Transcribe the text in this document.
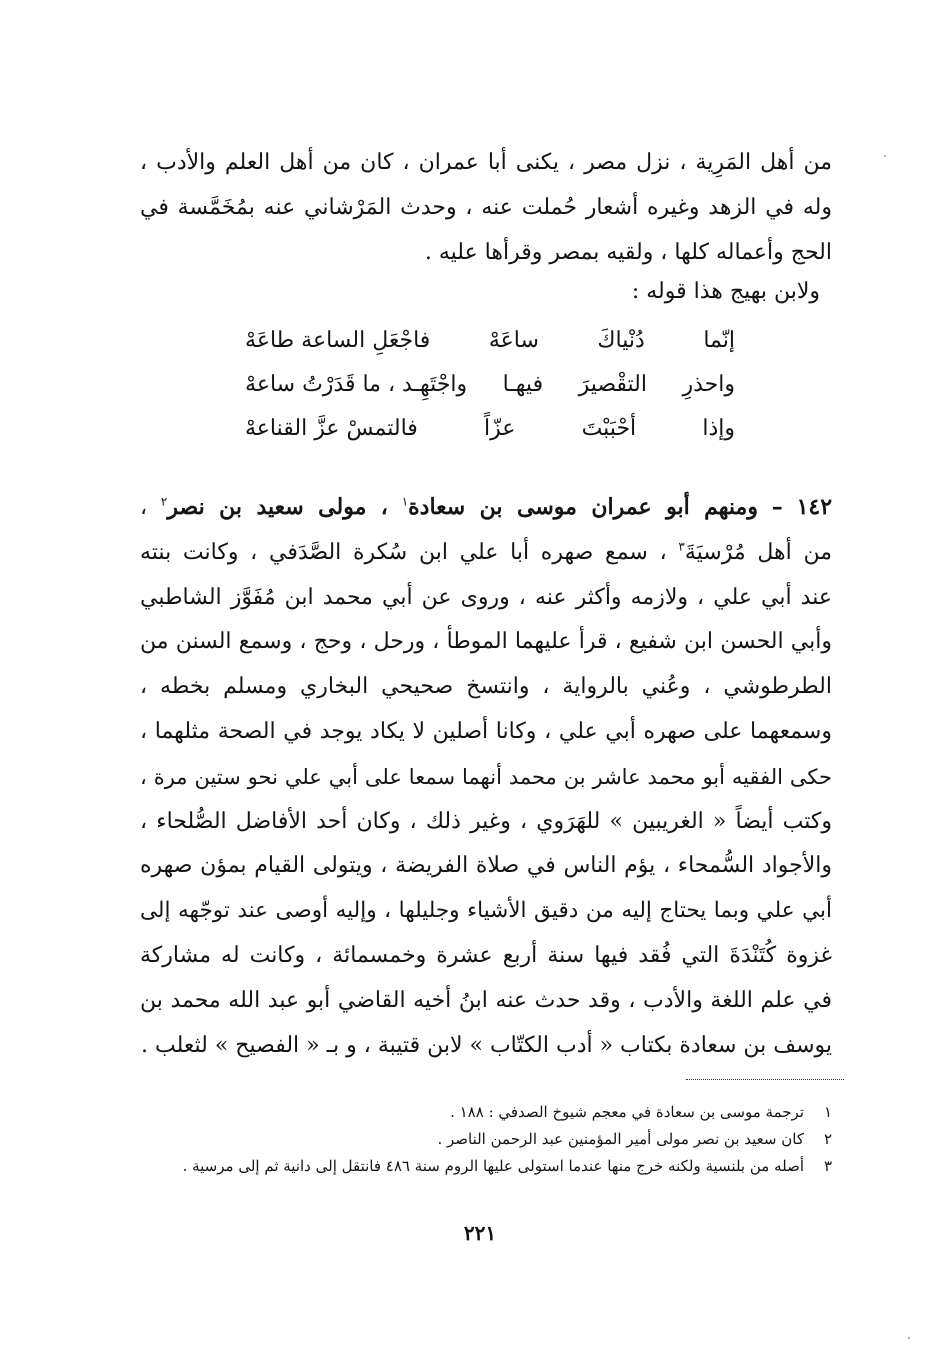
من أهل المَرِية ، نزل مصر ، يكنى أبا عمران ، كان من أهل العلم والأدب ،
وله في الزهد وغيره أشعار حُملت عنه ، وحدث المَرْشاني عنه بمُخَمَّسة في
الحج وأعماله كلها ، ولقيه بمصر وقرأها عليه .
ولابن بهيج هذا قوله :
إنّما
دُنْياكَ
ساعَهْ
فاجْعَلِ الساعة طاعَهْ
واحذرِ
التقْصيرَ
فيهـا
واجْتَهِـد ، ما قَدَرْتُ ساعهْ
وإذا
أحْبَبْتَ
عزّاً
فالتمسْ عزَّ القناعهْ
١٤٢ – ومنهم أبو عمران موسى بن سعادة$^١$ ، مولى سعيد بن نصر$^٢$ ،
من أهل مُرْسيَةَ$^٣$ ، سمع صهره أبا علي ابن سُكرة الصَّدَفي ، وكانت بنته
عند أبي علي ، ولازمه وأكثر عنه ، وروى عن أبي محمد ابن مُفَوَّز الشاطبي
وأبي الحسن ابن شفيع ، قرأ عليهما الموطأ ، ورحل ، وحج ، وسمع السنن من
الطرطوشي ، وعُني بالرواية ، وانتسخ صحيحي البخاري ومسلم بخطه ،
وسمعهما على صهره أبي علي ، وكانا أصلين لا يكاد يوجد في الصحة مثلهما ،
حكى الفقيه أبو محمد عاشر بن محمد أنهما سمعا على أبي علي نحو ستين مرة ،
وكتب أيضاً « الغريبين » للهَرَوي ، وغير ذلك ، وكان أحد الأفاضل الصُّلحاء ،
والأجواد السُّمحاء ، يؤم الناس في صلاة الفريضة ، ويتولى القيام بمؤن صهره
أبي علي وبما يحتاج إليه من دقيق الأشياء وجليلها ، وإليه أوصى عند توجّهه إلى
غزوة كُتَنْدَةَ التي فُقد فيها سنة أربع عشرة وخمسمائة ، وكانت له مشاركة
في علم اللغة والأدب ، وقد حدث عنه ابنُ أخيه القاضي أبو عبد الله محمد بن
يوسف بن سعادة بكتاب « أدب الكتّاب » لابن قتيبة ، و بـ « الفصيح » لثعلب .
١
ترجمة موسى بن سعادة في معجم شيوخ الصدفي : ١٨٨ .
٢
كان سعيد بن نصر مولى أمير المؤمنين عبد الرحمن الناصر .
٣
أصله من بلنسية ولكنه خرج منها عندما استولى عليها الروم سنة ٤٨٦ فانتقل إلى دانية ثم إلى مرسية .
٢٢١
